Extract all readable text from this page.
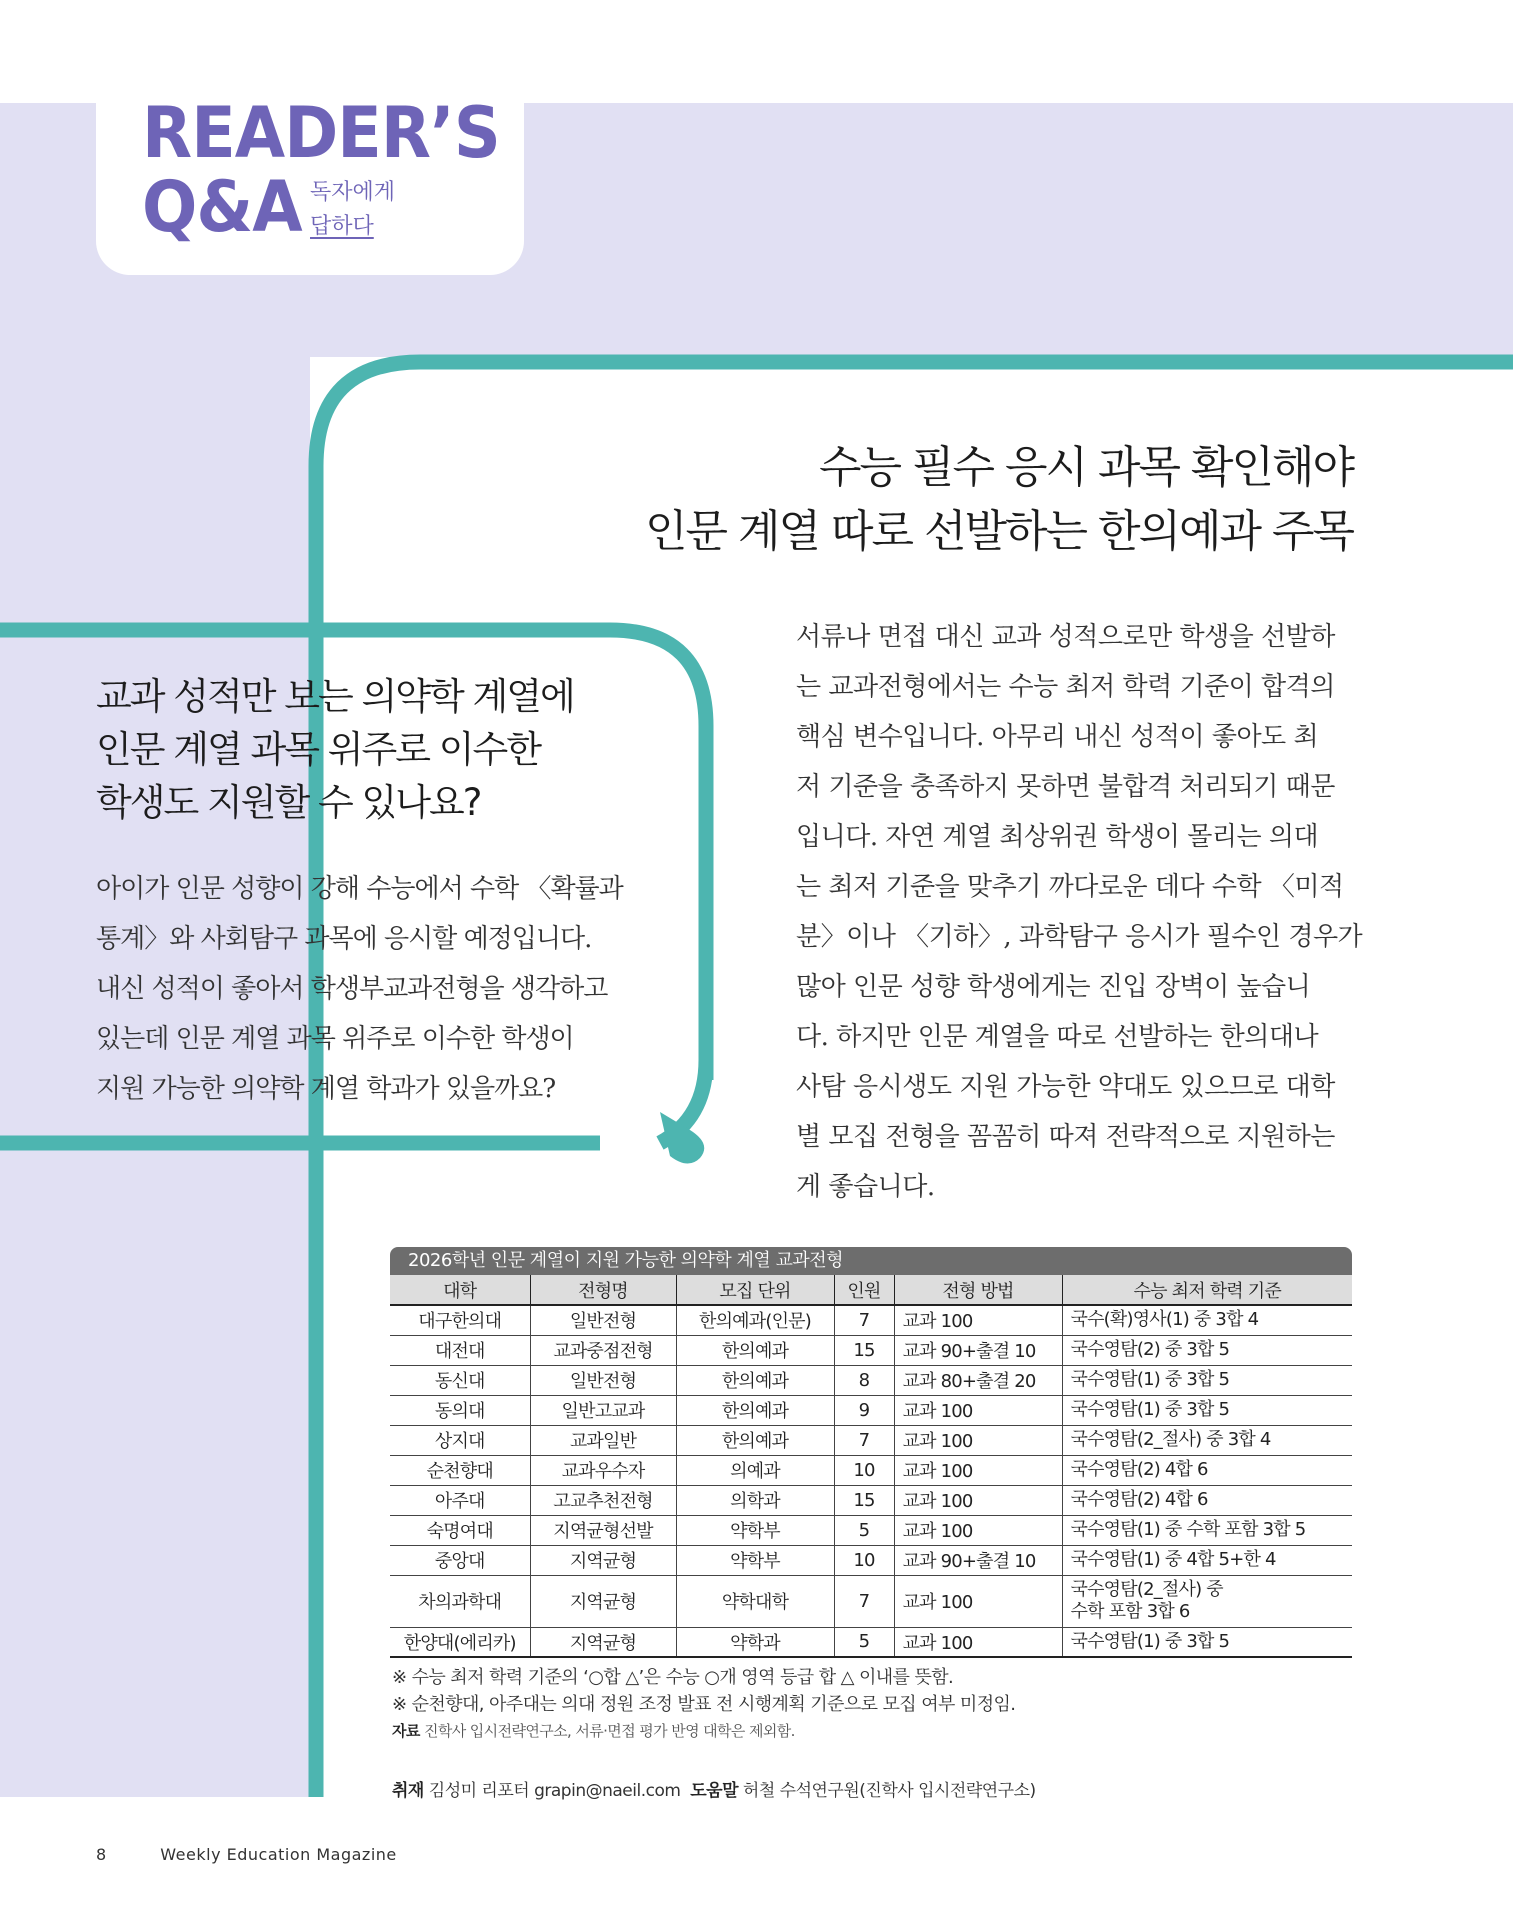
READER’S
Q&A 독자에게
답하다
수능 필수 응시 과목 확인해야
인문 계열 따로 선발하는 한의예과 주목
교과 성적만 보는 의약학 계열에
인문 계열 과목 위주로 이수한
학생도 지원할 수 있나요?
아이가 인문 성향이 강해 수능에서 수학 〈확률과
통계〉와 사회탐구 과목에 응시할 예정입니다.
내신 성적이 좋아서 학생부교과전형을 생각하고
있는데 인문 계열 과목 위주로 이수한 학생이
지원 가능한 의약학 계열 학과가 있을까요?
서류나 면접 대신 교과 성적으로만 학생을 선발하
는 교과전형에서는 수능 최저 학력 기준이 합격의
핵심 변수입니다. 아무리 내신 성적이 좋아도 최
저 기준을 충족하지 못하면 불합격 처리되기 때문
입니다. 자연 계열 최상위권 학생이 몰리는 의대
는 최저 기준을 맞추기 까다로운 데다 수학 〈미적
분〉이나 〈기하〉, 과학탐구 응시가 필수인 경우가
많아 인문 성향 학생에게는 진입 장벽이 높습니
다. 하지만 인문 계열을 따로 선발하는 한의대나
사탐 응시생도 지원 가능한 약대도 있으므로 대학
별 모집 전형을 꼼꼼히 따져 전략적으로 지원하는
게 좋습니다.
2026학년 인문 계열이 지원 가능한 의약학 계열 교과전형
대학	전형명	모집 단위	인원	전형 방법	수능 최저 학력 기준
대구한의대	일반전형	한의예과(인문)	7	교과 100	국수(확)영사(1) 중 3합 4
대전대	교과중점전형	한의예과	15	교과 90+출결 10	국수영탐(2) 중 3합 5
동신대	일반전형	한의예과	8	교과 80+출결 20	국수영탐(1) 중 3합 5
동의대	일반고교과	한의예과	9	교과 100	국수영탐(1) 중 3합 5
상지대	교과일반	한의예과	7	교과 100	국수영탐(2_절사) 중 3합 4
순천향대	교과우수자	의예과	10	교과 100	국수영탐(2) 4합 6
아주대	고교추천전형	의학과	15	교과 100	국수영탐(2) 4합 6
숙명여대	지역균형선발	약학부	5	교과 100	국수영탐(1) 중 수학 포함 3합 5
중앙대	지역균형	약학부	10	교과 90+출결 10	국수영탐(1) 중 4합 5+한 4
차의과학대	지역균형	약학대학	7	교과 100	국수영탐(2_절사) 중
수학 포함 3합 6
한양대(에리카)	지역균형	약학과	5	교과 100	국수영탐(1) 중 3합 5
※ 수능 최저 학력 기준의 ‘○합 △’은 수능 ○개 영역 등급 합 △ 이내를 뜻함.
※ 순천향대, 아주대는 의대 정원 조정 발표 전 시행계획 기준으로 모집 여부 미정임.
자료 진학사 입시전략연구소, 서류·면접 평가 반영 대학은 제외함.
취재 김성미 리포터 grapin@naeil.com 도움말 허철 수석연구원(진학사 입시전략연구소)
8	Weekly Education Magazine
